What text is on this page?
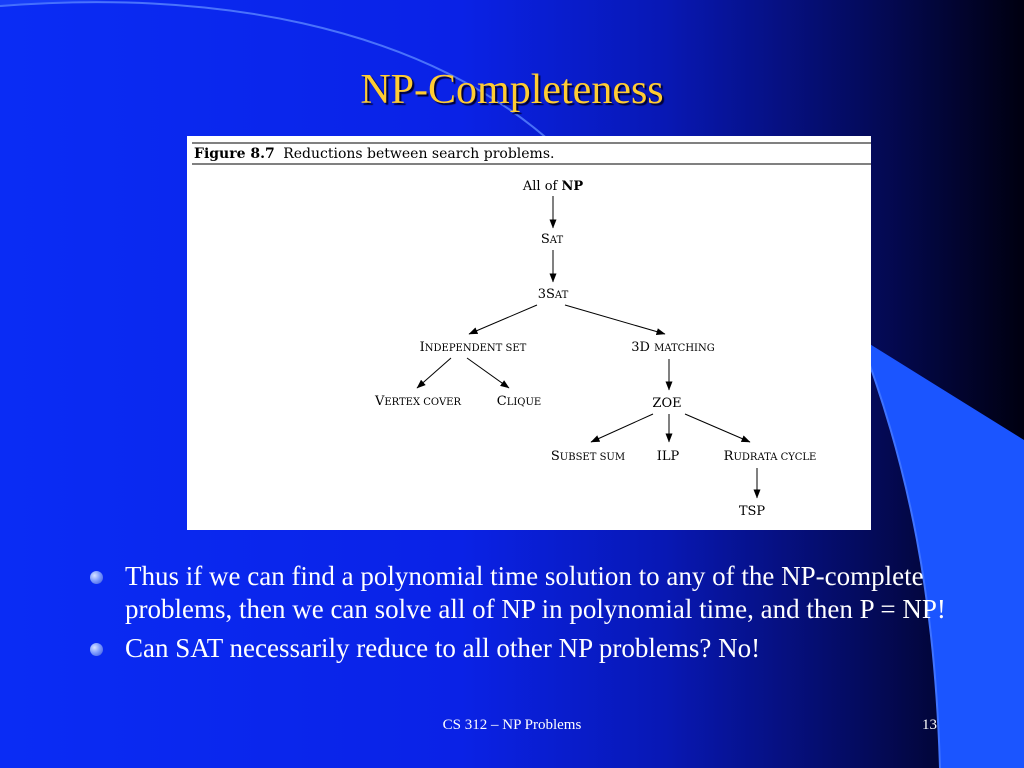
NP-Completeness
Figure 8.7 Reductions between search problems.
All of NP
SAT
3SAT
INDEPENDENT SET	3D MATCHING
VERTEX COVER	CLIQUE	ZOE
SUBSET SUM ILP	RUDRATA CYCLE
TSP
Thus if we can find a polynomial time solution to any of the NP-complete problems, then we can solve all of NP in polynomial time, and then P = NP!
Can SAT necessarily reduce to all other NP problems? No!
CS 312 – NP Problems	13
